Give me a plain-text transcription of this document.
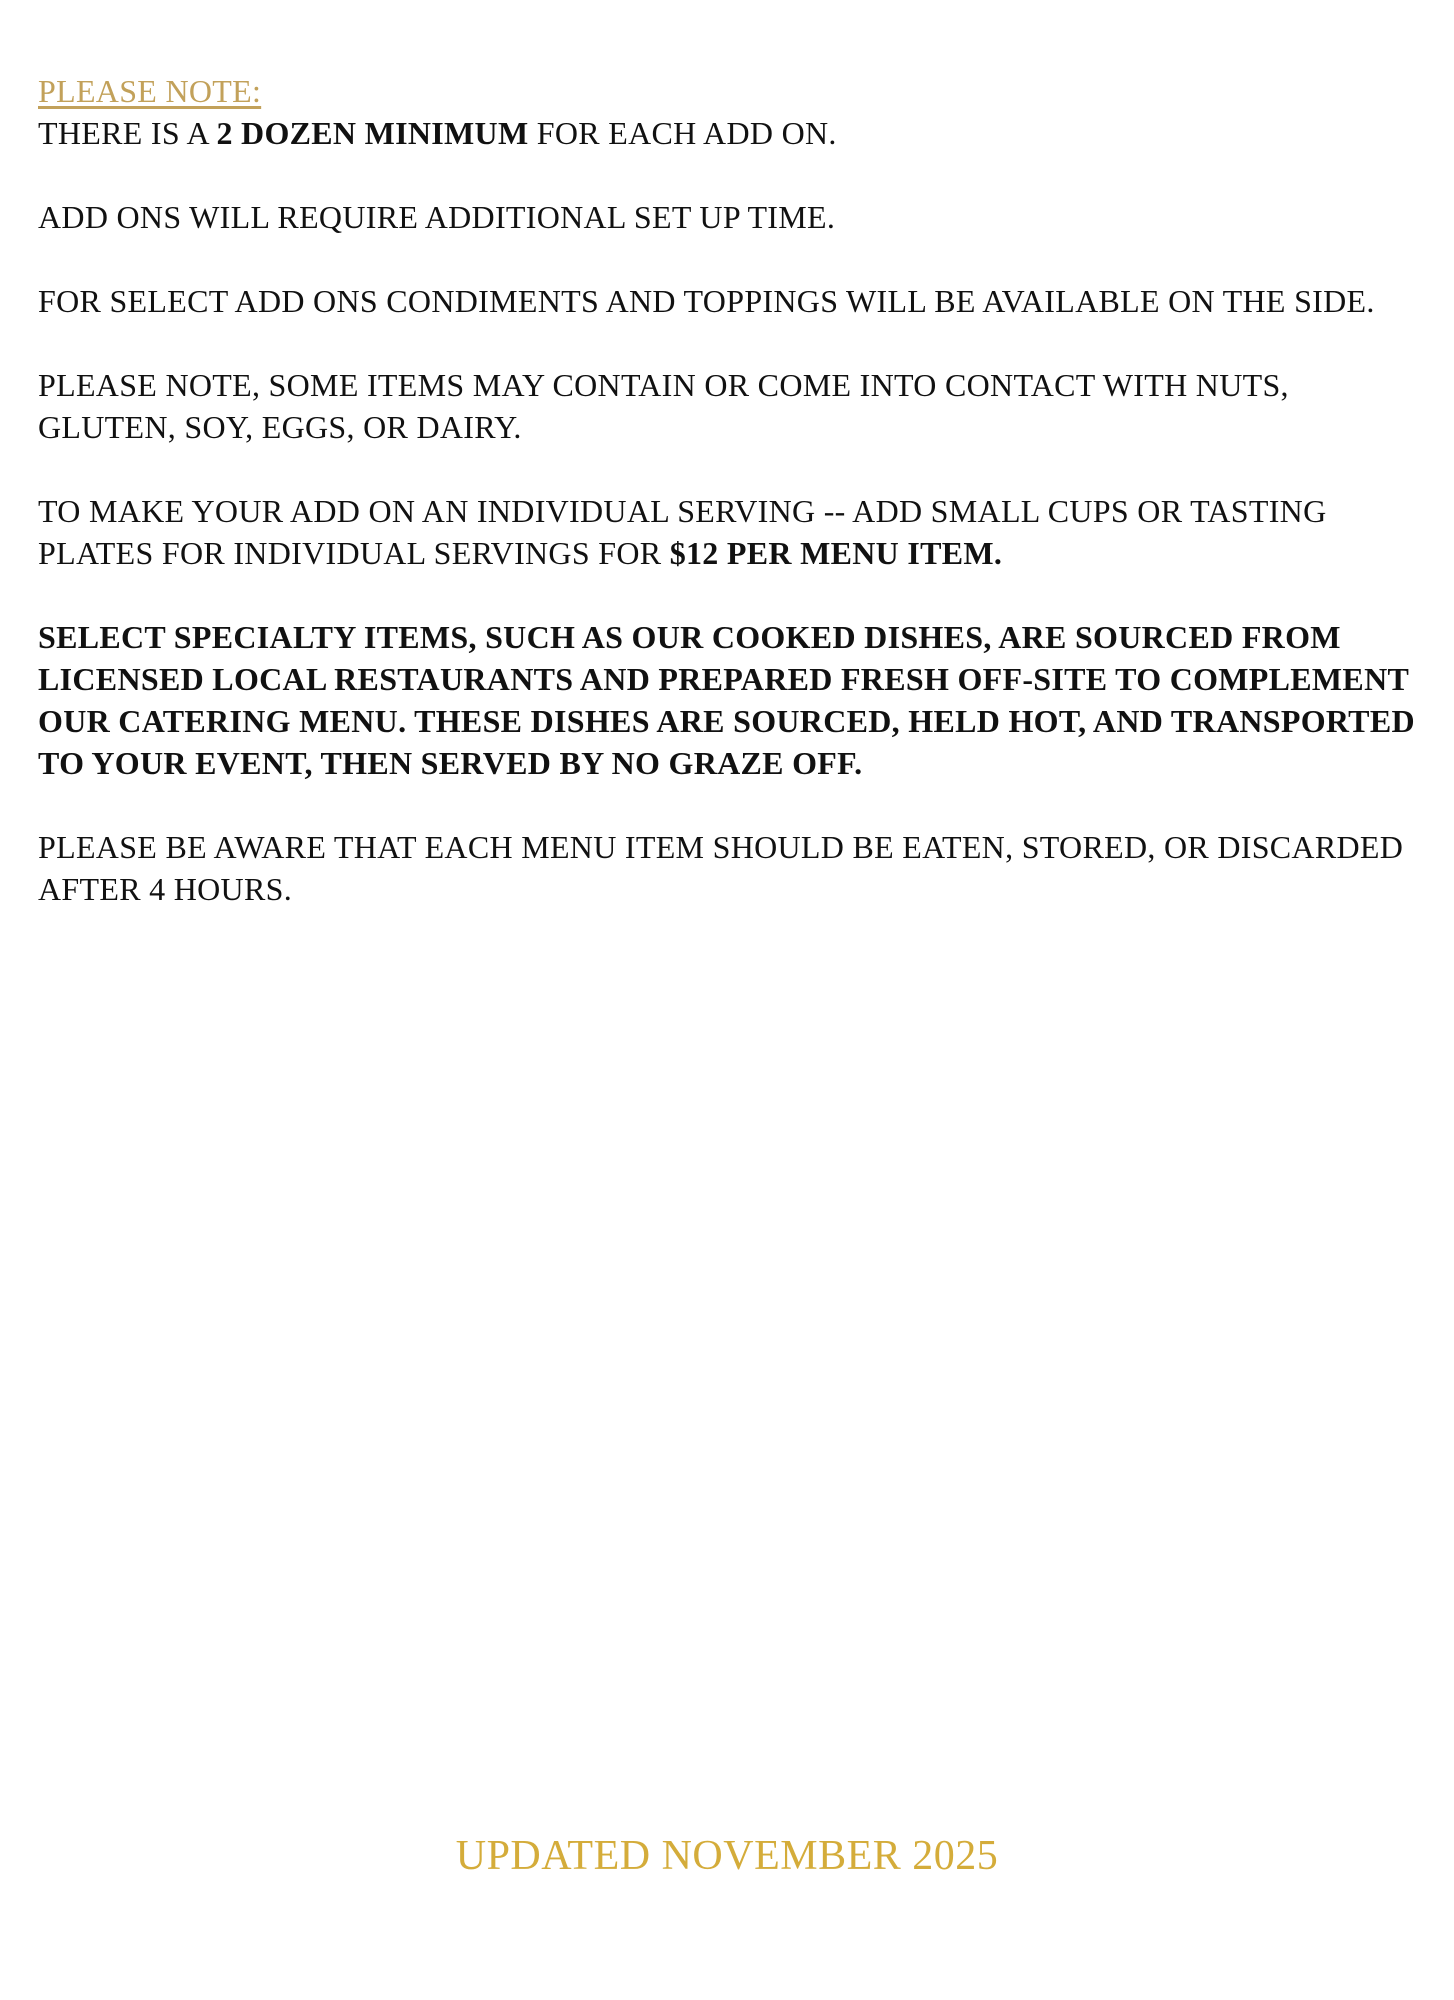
PLEASE NOTE:

THERE IS A 2 DOZEN MINIMUM FOR EACH ADD ON.

ADD ONS WILL REQUIRE ADDITIONAL SET UP TIME.

FOR SELECT ADD ONS CONDIMENTS AND TOPPINGS WILL BE AVAILABLE ON THE SIDE.

PLEASE NOTE, SOME ITEMS MAY CONTAIN OR COME INTO CONTACT WITH NUTS, GLUTEN, SOY, EGGS, OR DAIRY.

TO MAKE YOUR ADD ON AN INDIVIDUAL SERVING -- ADD SMALL CUPS OR TASTING PLATES FOR INDIVIDUAL SERVINGS FOR $12 PER MENU ITEM.

SELECT SPECIALTY ITEMS, SUCH AS OUR COOKED DISHES, ARE SOURCED FROM LICENSED LOCAL RESTAURANTS AND PREPARED FRESH OFF-SITE TO COMPLEMENT OUR CATERING MENU. THESE DISHES ARE SOURCED, HELD HOT, AND TRANSPORTED TO YOUR EVENT, THEN SERVED BY NO GRAZE OFF.

PLEASE BE AWARE THAT EACH MENU ITEM SHOULD BE EATEN, STORED, OR DISCARDED AFTER 4 HOURS.

UPDATED NOVEMBER 2025
